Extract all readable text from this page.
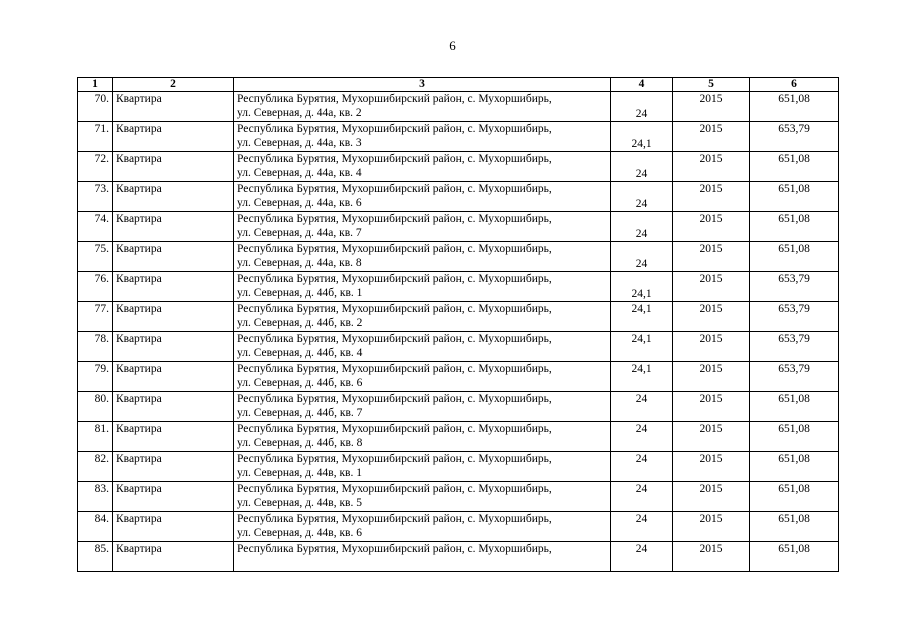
6
1	2	3	4	5	6
70.	Квартира	Республика Бурятия, Мухоршибирский район, с. Мухоршибирь,
ул. Северная, д. 44а, кв. 2	24	2015	651,08
71.	Квартира	Республика Бурятия, Мухоршибирский район, с. Мухоршибирь,
ул. Северная, д. 44а, кв. 3	24,1	2015	653,79
72.	Квартира	Республика Бурятия, Мухоршибирский район, с. Мухоршибирь,
ул. Северная, д. 44а, кв. 4	24	2015	651,08
73.	Квартира	Республика Бурятия, Мухоршибирский район, с. Мухоршибирь,
ул. Северная, д. 44а, кв. 6	24	2015	651,08
74.	Квартира	Республика Бурятия, Мухоршибирский район, с. Мухоршибирь,
ул. Северная, д. 44а, кв. 7	24	2015	651,08
75.	Квартира	Республика Бурятия, Мухоршибирский район, с. Мухоршибирь,
ул. Северная, д. 44а, кв. 8	24	2015	651,08
76.	Квартира	Республика Бурятия, Мухоршибирский район, с. Мухоршибирь,
ул. Северная, д. 44б, кв. 1	24,1	2015	653,79
77.	Квартира	Республика Бурятия, Мухоршибирский район, с. Мухоршибирь,
ул. Северная, д. 44б, кв. 2	24,1	2015	653,79
78.	Квартира	Республика Бурятия, Мухоршибирский район, с. Мухоршибирь,
ул. Северная, д. 44б, кв. 4	24,1	2015	653,79
79.	Квартира	Республика Бурятия, Мухоршибирский район, с. Мухоршибирь,
ул. Северная, д. 44б, кв. 6	24,1	2015	653,79
80.	Квартира	Республика Бурятия, Мухоршибирский район, с. Мухоршибирь,
ул. Северная, д. 44б, кв. 7	24	2015	651,08
81.	Квартира	Республика Бурятия, Мухоршибирский район, с. Мухоршибирь,
ул. Северная, д. 44б, кв. 8	24	2015	651,08
82.	Квартира	Республика Бурятия, Мухоршибирский район, с. Мухоршибирь,
ул. Северная, д. 44в, кв. 1	24	2015	651,08
83.	Квартира	Республика Бурятия, Мухоршибирский район, с. Мухоршибирь,
ул. Северная, д. 44в, кв. 5	24	2015	651,08
84.	Квартира	Республика Бурятия, Мухоршибирский район, с. Мухоршибирь,
ул. Северная, д. 44в, кв. 6	24	2015	651,08
85.	Квартира	Республика Бурятия, Мухоршибирский район, с. Мухоршибирь,	24	2015	651,08
